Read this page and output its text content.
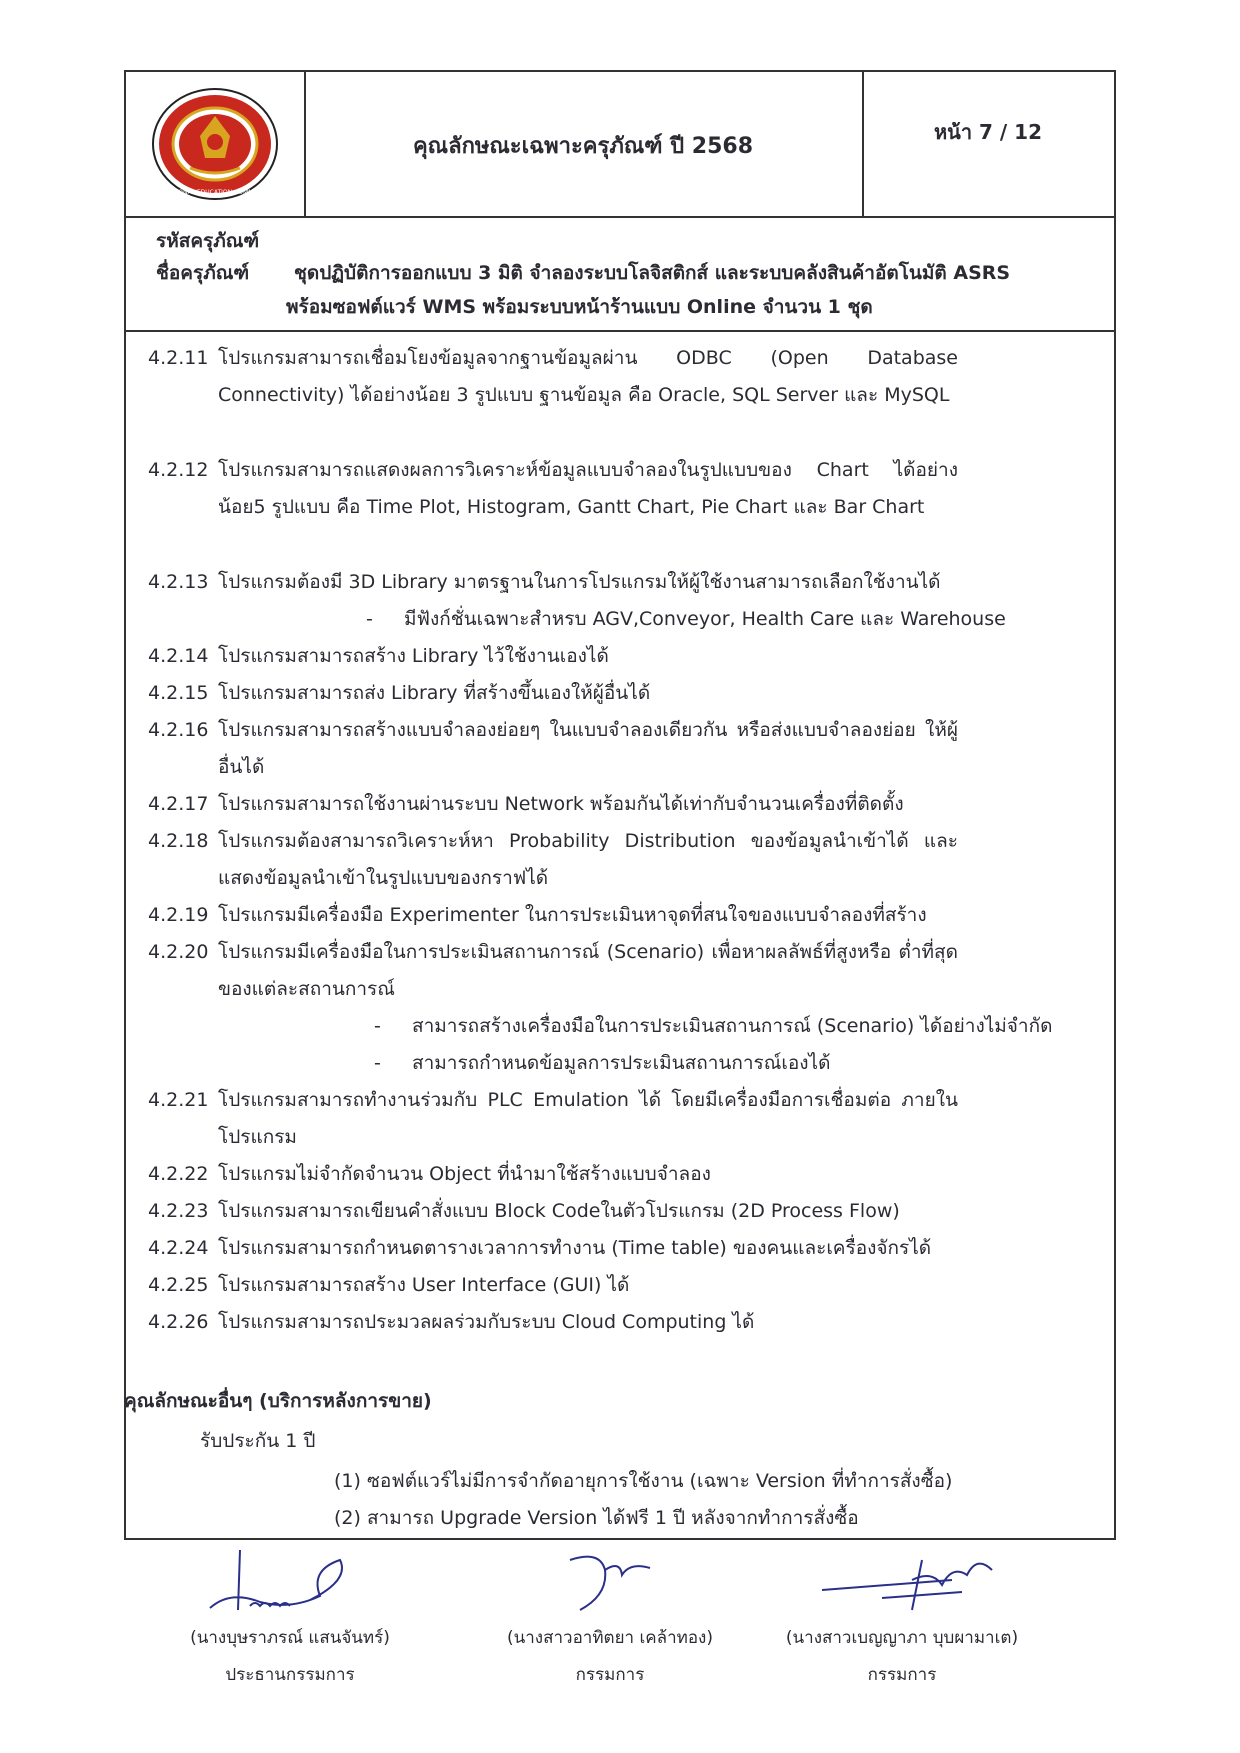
VOCATIONAL EDUCATION COMMISSION
คุณลักษณะเฉพาะครุภัณฑ์ ปี 2568
หน้า 7 / 12
รหัสครุภัณฑ์
ชื่อครุภัณฑ์ ชุดปฏิบัติการออกแบบ 3 มิติ จำลองระบบโลจิสติกส์ และระบบคลังสินค้าอัตโนมัติ ASRS
พร้อมซอฟต์แวร์ WMS พร้อมระบบหน้าร้านแบบ Online จำนวน 1 ชุด
4.2.11 โปรแกรมสามารถเชื่อมโยงข้อมูลจากฐานข้อมูลผ่าน ODBC (Open Database Connectivity) ได้อย่างน้อย 3 รูปแบบ ฐานข้อมูล คือ Oracle, SQL Server และ MySQL
4.2.12 โปรแกรมสามารถแสดงผลการวิเคราะห์ข้อมูลแบบจำลองในรูปแบบของ Chart ได้อย่างน้อย5 รูปแบบ คือ Time Plot, Histogram, Gantt Chart, Pie Chart และ Bar Chart
4.2.13 โปรแกรมต้องมี 3D Library มาตรฐานในการโปรแกรมให้ผู้ใช้งานสามารถเลือกใช้งานได้
- มีฟังก์ชั่นเฉพาะสำหรบ AGV,Conveyor, Health Care และ Warehouse
4.2.14 โปรแกรมสามารถสร้าง Library ไว้ใช้งานเองได้
4.2.15 โปรแกรมสามารถส่ง Library ที่สร้างขึ้นเองให้ผู้อื่นได้
4.2.16 โปรแกรมสามารถสร้างแบบจำลองย่อยๆ ในแบบจำลองเดียวกัน หรือส่งแบบจำลองย่อย ให้ผู้อื่นได้
4.2.17 โปรแกรมสามารถใช้งานผ่านระบบ Network พร้อมกันได้เท่ากับจำนวนเครื่องที่ติดตั้ง
4.2.18 โปรแกรมต้องสามารถวิเคราะห์หา Probability Distribution ของข้อมูลนำเข้าได้ และ แสดงข้อมูลนำเข้าในรูปแบบของกราฟได้
4.2.19 โปรแกรมมีเครื่องมือ Experimenter ในการประเมินหาจุดที่สนใจของแบบจำลองที่สร้าง
4.2.20 โปรแกรมมีเครื่องมือในการประเมินสถานการณ์ (Scenario) เพื่อหาผลลัพธ์ที่สูงหรือ ต่ำที่สุดของแต่ละสถานการณ์
- สามารถสร้างเครื่องมือในการประเมินสถานการณ์ (Scenario) ได้อย่างไม่จำกัด
- สามารถกำหนดข้อมูลการประเมินสถานการณ์เองได้
4.2.21 โปรแกรมสามารถทำงานร่วมกับ PLC Emulation ได้ โดยมีเครื่องมือการเชื่อมต่อ ภายในโปรแกรม
4.2.22 โปรแกรมไม่จำกัดจำนวน Object ที่นำมาใช้สร้างแบบจำลอง
4.2.23 โปรแกรมสามารถเขียนคำสั่งแบบ Block Codeในตัวโปรแกรม (2D Process Flow)
4.2.24 โปรแกรมสามารถกำหนดตารางเวลาการทำงาน (Time table) ของคนและเครื่องจักรได้
4.2.25 โปรแกรมสามารถสร้าง User Interface (GUI) ได้
4.2.26 โปรแกรมสามารถประมวลผลร่วมกับระบบ Cloud Computing ได้
คุณลักษณะอื่นๆ (บริการหลังการขาย)
รับประกัน 1 ปี
(1) ซอฟต์แวร์ไม่มีการจำกัดอายุการใช้งาน (เฉพาะ Version ที่ทำการสั่งซื้อ)
(2) สามารถ Upgrade Version ได้ฟรี 1 ปี หลังจากทำการสั่งซื้อ
(นางบุษราภรณ์ แสนจันทร์)
ประธานกรรมการ
(นางสาวอาทิตยา เคล้าทอง)
กรรมการ
(นางสาวเบญญาภา บุบผามาเต)
กรรมการ
